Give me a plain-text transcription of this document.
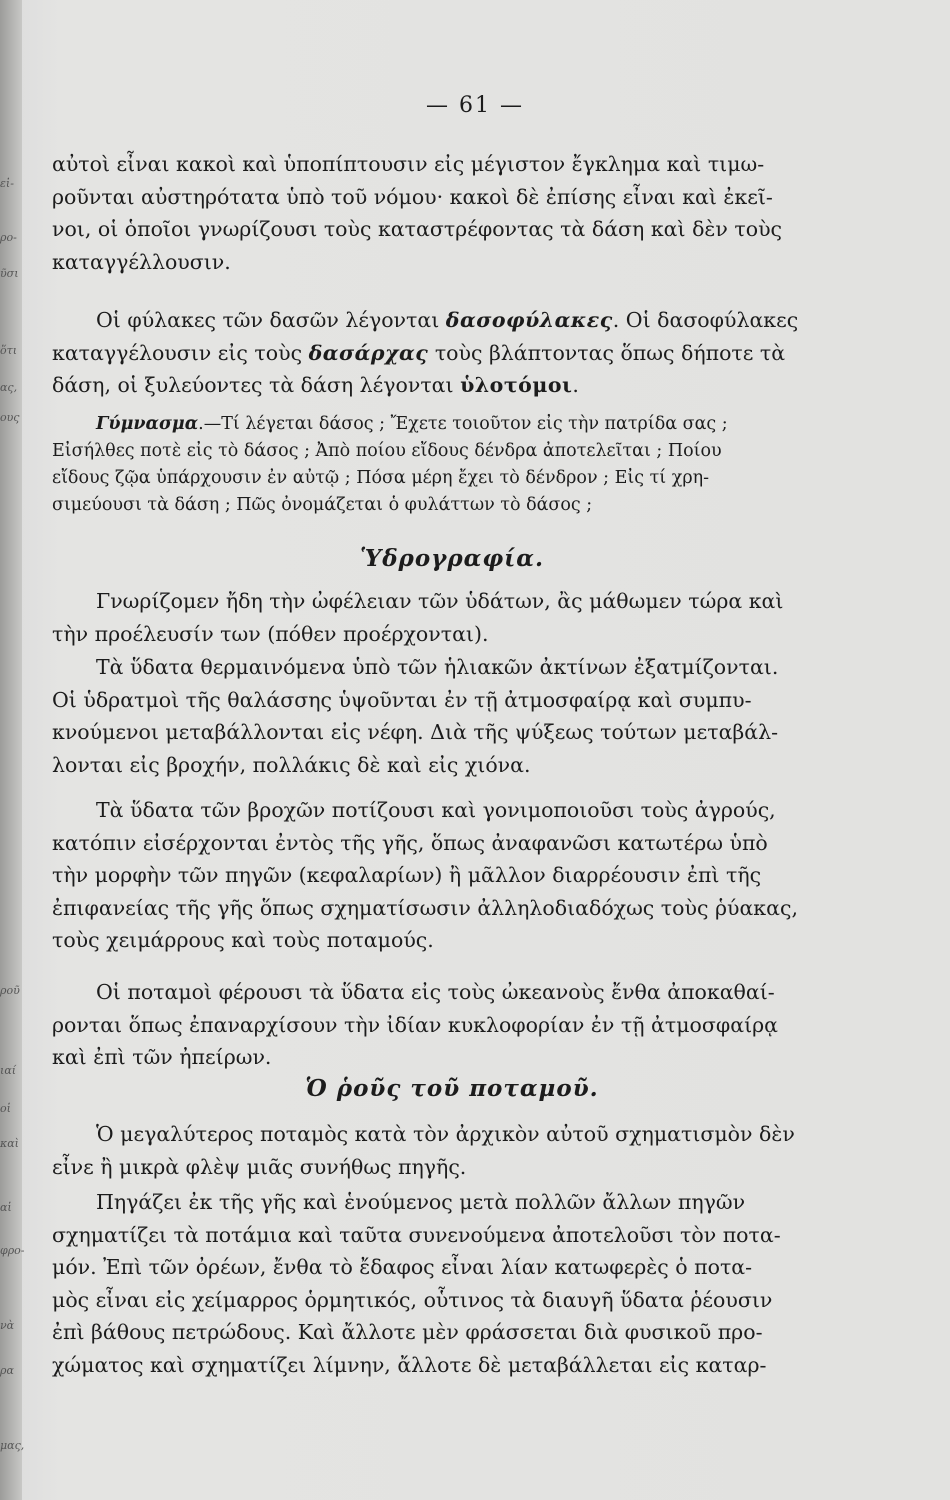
εἰ-
ρο-
ῦσι
ὅτι
ας,
ους
ροῦ
ιαί
οἱ
καὶ
αἱ
φρο-
νὰ
ρα
μας,
— 61 —
αὐτοὶ εἶναι κακοὶ καὶ ὑποπίπτουσιν εἰς μέγιστον ἔγκλημα καὶ τιμω-
ροῦνται αὐστηρότατα ὑπὸ τοῦ νόμου· κακοὶ δὲ ἐπίσης εἶναι καὶ ἐκεῖ-
νοι, οἱ ὁποῖοι γνωρίζουσι τοὺς καταστρέφοντας τὰ δάση καὶ δὲν τοὺς
καταγγέλλουσιν.
Οἱ φύλακες τῶν δασῶν λέγονται δασοφύλακες. Οἱ δασοφύλακες
καταγγέλουσιν εἰς τοὺς δασάρχας τοὺς βλάπτοντας ὅπως δήποτε τὰ
δάση, οἱ ξυλεύοντες τὰ δάση λέγονται ὑλοτόμοι.
Γύμνασμα.—Τί λέγεται δάσος ; Ἔχετε τοιοῦτον εἰς τὴν πατρίδα σας ;
Εἰσήλθες ποτὲ εἰς τὸ δάσος ; Ἀπὸ ποίου εἴδους δένδρα ἀποτελεῖται ; Ποίου
εἴδους ζῷα ὑπάρχουσιν ἐν αὐτῷ ; Πόσα μέρη ἔχει τὸ δένδρον ; Εἰς τί χρη-
σιμεύουσι τὰ δάση ; Πῶς ὀνομάζεται ὁ φυλάττων τὸ δάσος ;
Ὑδρογραφία.
Γνωρίζομεν ἤδη τὴν ὠφέλειαν τῶν ὑδάτων, ἂς μάθωμεν τώρα καὶ
τὴν προέλευσίν των (πόθεν προέρχονται).
Τὰ ὕδατα θερμαινόμενα ὑπὸ τῶν ἡλιακῶν ἀκτίνων ἐξατμίζονται.
Οἱ ὑδρατμοὶ τῆς θαλάσσης ὑψοῦνται ἐν τῇ ἀτμοσφαίρᾳ καὶ συμπυ-
κνούμενοι μεταβάλλονται εἰς νέφη. Διὰ τῆς ψύξεως τούτων μεταβάλ-
λονται εἰς βροχήν, πολλάκις δὲ καὶ εἰς χιόνα.
Τὰ ὕδατα τῶν βροχῶν ποτίζουσι καὶ γονιμοποιοῦσι τοὺς ἀγρούς,
κατόπιν εἰσέρχονται ἐντὸς τῆς γῆς, ὅπως ἀναφανῶσι κατωτέρω ὑπὸ
τὴν μορφὴν τῶν πηγῶν (κεφαλαρίων) ἢ μᾶλλον διαρρέουσιν ἐπὶ τῆς
ἐπιφανείας τῆς γῆς ὅπως σχηματίσωσιν ἀλληλοδιαδόχως τοὺς ῥύακας,
τοὺς χειμάρρους καὶ τοὺς ποταμούς.
Οἱ ποταμοὶ φέρουσι τὰ ὕδατα εἰς τοὺς ὠκεανοὺς ἔνθα ἀποκαθαί-
ρονται ὅπως ἐπαναρχίσουν τὴν ἰδίαν κυκλοφορίαν ἐν τῇ ἀτμοσφαίρᾳ
καὶ ἐπὶ τῶν ἠπείρων.
Ὁ ῥοῦς τοῦ ποταμοῦ.
Ὁ μεγαλύτερος ποταμὸς κατὰ τὸν ἀρχικὸν αὐτοῦ σχηματισμὸν δὲν
εἶνε ἢ μικρὰ φλὲψ μιᾶς συνήθως πηγῆς.
Πηγάζει ἐκ τῆς γῆς καὶ ἑνούμενος μετὰ πολλῶν ἄλλων πηγῶν
σχηματίζει τὰ ποτάμια καὶ ταῦτα συνενούμενα ἀποτελοῦσι τὸν ποτα-
μόν. Ἐπὶ τῶν ὀρέων, ἔνθα τὸ ἔδαφος εἶναι λίαν κατωφερὲς ὁ ποτα-
μὸς εἶναι εἰς χείμαρρος ὁρμητικός, οὗτινος τὰ διαυγῆ ὕδατα ῥέουσιν
ἐπὶ βάθους πετρώδους. Καὶ ἄλλοτε μὲν φράσσεται διὰ φυσικοῦ προ-
χώματος καὶ σχηματίζει λίμνην, ἄλλοτε δὲ μεταβάλλεται εἰς καταρ-
